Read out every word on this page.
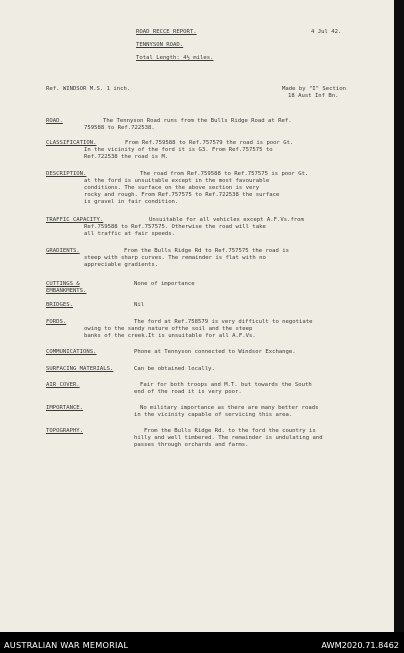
ROAD RECCE REPORT.	4 Jul 42.
TENNYSON ROAD.
Total Length: 4½ miles.
Ref. WINDSOR M.S. 1 inch.	Made by "I" Section
18 Aust Inf Bn.
ROAD.	The Tennyson Road runs from the Bulls Ridge Road at Ref.
759588 to Ref.722538.
CLASSIFICATION.	From Ref.759588 to Ref.757579 the road is poor Gt.
In the vicinity of the ford it is G3. From Ref.757575 to
Ref.722538 the road is M.
DESCRIPTION.	The road from Ref.759588 to Ref.757575 is poor Gt.
at the ford is unsuitable except in the most favourable
conditions. The surface on the above section is very
rocky and rough. From Ref.757575 to Ref.722538 the surface
is gravel in fair condition.
TRAFFIC CAPACITY.	Unsuitable for all vehicles except A.F.Vs.from
Ref.759588 to Ref.757575. Otherwise the road will take
all traffic at fair speeds.
GRADIENTS.	From the Bulls Ridge Rd to Ref.757575 the road is
steep with sharp curves. The remainder is flat with no
appreciable gradients.
CUTTINGS &
EMBANKMENTS.
None of importance
BRIDGES.	Nil
FORDS.	The ford at Ref.758579 is very difficult to negotiate
owing to the sandy nature ofthe soil and the steep
banks of the creek.It is unsuitable for all A.F.Vs.
COMMUNICATIONS.	Phone at Tennyson connected to Windsor Exchange.
SURFACING MATERIALS.	Can be obtained locally.
AIR COVER.	Fair for both troops and M.T. but towards the South
end of the road it is very poor.
IMPORTANCE.	No military importance as there are many better roads
in the vicinity capable of servicing this area.
TOPOGRAPHY.	From the Bulls Ridge Rd. to the ford the country is
hilly and well timbered. The remainder is undulating and
passes through orchards and farms.
AUSTRALIAN WAR MEMORIAL	AWM2020.71.8462
